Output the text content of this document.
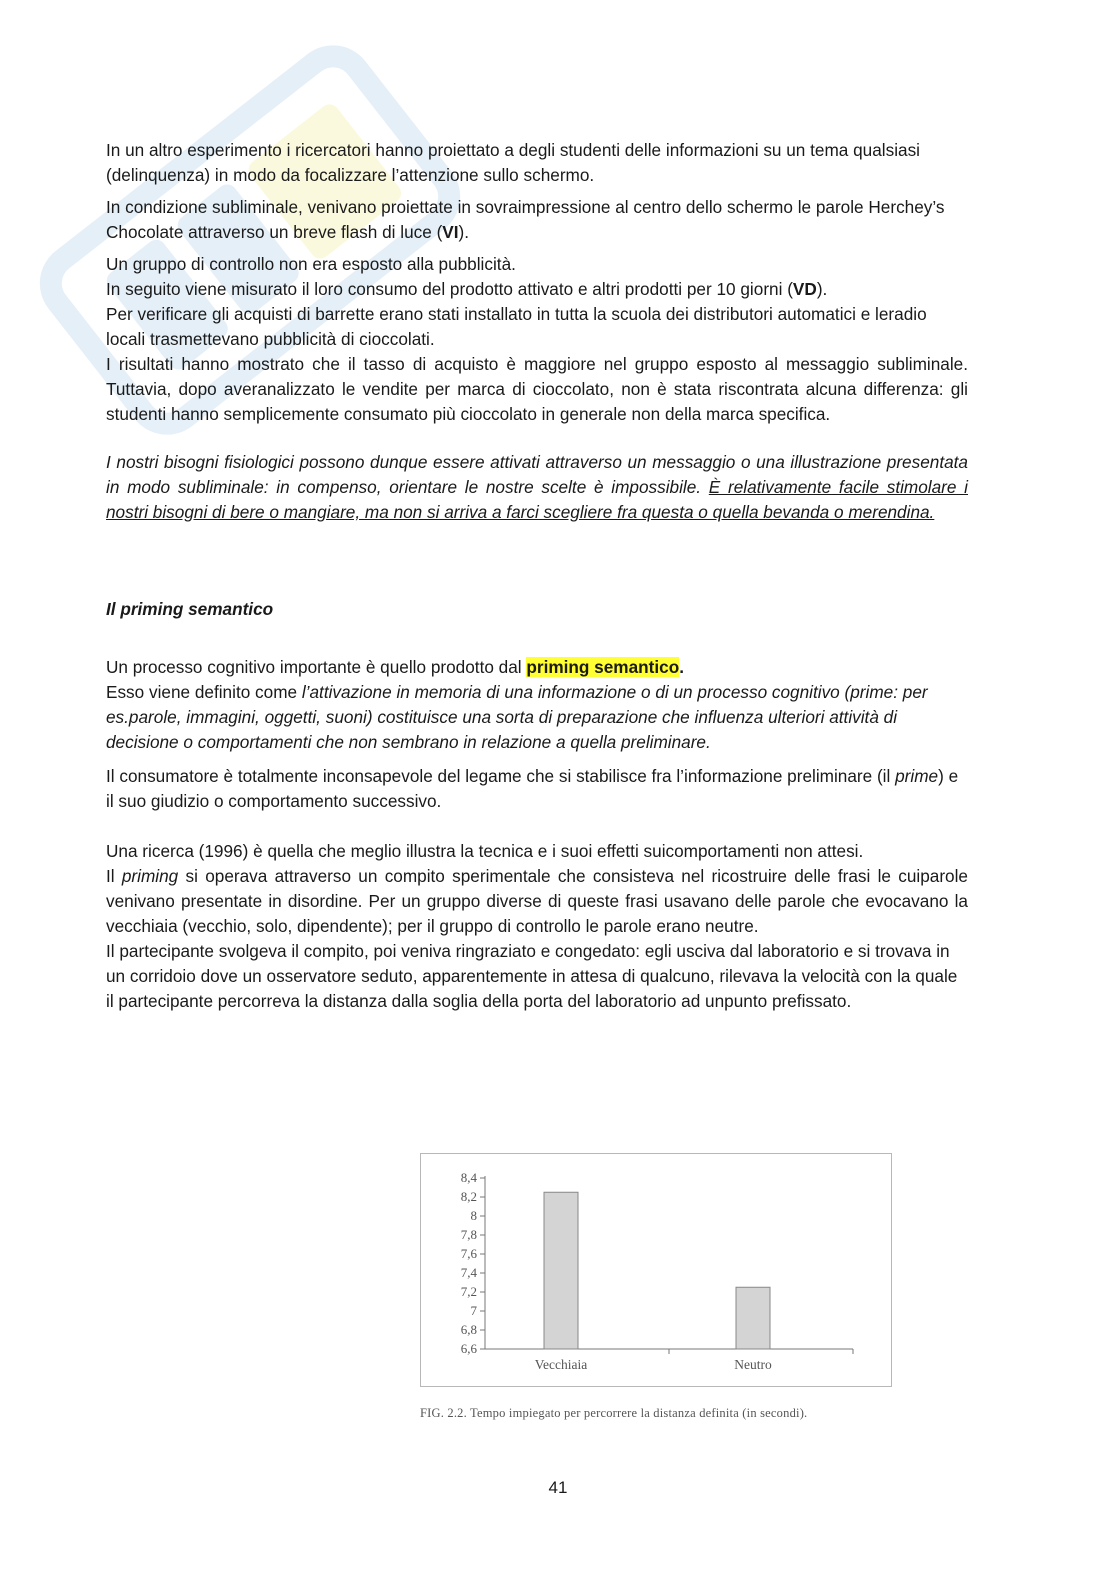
In un altro esperimento i ricercatori hanno proiettato a degli studenti delle informazioni su un tema qualsiasi (delinquenza) in modo da focalizzare l’attenzione sullo schermo.

In condizione subliminale, venivano proiettate in sovraimpressione al centro dello schermo le parole Herchey’s Chocolate attraverso un breve flash di luce (VI).

Un gruppo di controllo non era esposto alla pubblicità.

In seguito viene misurato il loro consumo del prodotto attivato e altri prodotti per 10 giorni (VD).

Per verificare gli acquisti di barrette erano stati installato in tutta la scuola dei distributori automatici e leradio locali trasmettevano pubblicità di cioccolati.

I risultati hanno mostrato che il tasso di acquisto è maggiore nel gruppo esposto al messaggio subliminale. Tuttavia, dopo averanalizzato le vendite per marca di cioccolato, non è stata riscontrata alcuna differenza: gli studenti hanno semplicemente consumato più cioccolato in generale non della marca specifica.

I nostri bisogni fisiologici possono dunque essere attivati attraverso un messaggio o una illustrazione presentata in modo subliminale: in compenso, orientare le nostre scelte è impossibile. È relativamente facile stimolare i nostri bisogni di bere o mangiare, ma non si arriva a farci scegliere fra questa o quella bevanda o merendina.

Il priming semantico

Un processo cognitivo importante è quello prodotto dal priming semantico.

Esso viene definito come l’attivazione in memoria di una informazione o di un processo cognitivo (prime: per es.parole, immagini, oggetti, suoni) costituisce una sorta di preparazione che influenza ulteriori attività di decisione o comportamenti che non sembrano in relazione a quella preliminare.

Il consumatore è totalmente inconsapevole del legame che si stabilisce fra l’informazione preliminare (il prime) e il suo giudizio o comportamento successivo.

Una ricerca (1996) è quella che meglio illustra la tecnica e i suoi effetti suicomportamenti non attesi.

Il priming si operava attraverso un compito sperimentale che consisteva nel ricostruire delle frasi le cuiparole venivano presentate in disordine. Per un gruppo diverse di queste frasi usavano delle parole che evocavano la vecchiaia (vecchio, solo, dipendente); per il gruppo di controllo le parole erano neutre.

Il partecipante svolgeva il compito, poi veniva ringraziato e congedato: egli usciva dal laboratorio e si trovava in un corridoio dove un osservatore seduto, apparentemente in attesa di qualcuno, rilevava la velocità con la quale il partecipante percorreva la distanza dalla soglia della porta del laboratorio ad unpunto prefissato.

6,6
6,8
7
7,2
7,4
7,6
7,8
8
8,2
8,4
Vecchiaia	Neutro
FIG. 2.2. Tempo impiegato per percorrere la distanza definita (in secondi).
41
